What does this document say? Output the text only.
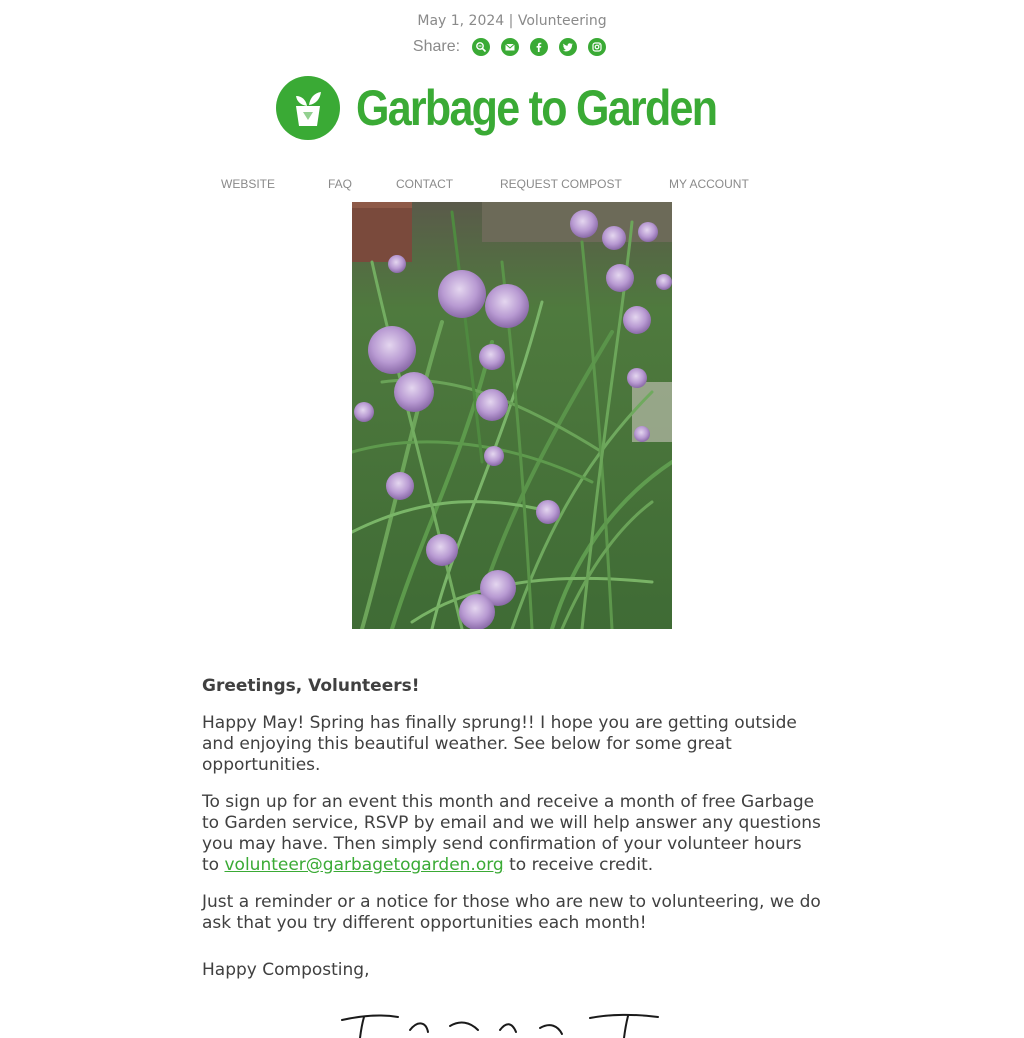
May 1, 2024 | Volunteering
Share:
Garbage to Garden
WEBSITE	FAQ	CONTACT	REQUEST COMPOST	MY ACCOUNT

Greetings, Volunteers!

Happy May! Spring has finally sprung!! I hope you are getting outside and enjoying this beautiful weather. See below for some great opportunities.

To sign up for an event this month and receive a month of free Garbage to Garden service, RSVP by email and we will help answer any questions you may have. Then simply send confirmation of your volunteer hours to volunteer@garbagetogarden.org to receive credit.

Just a reminder or a notice for those who are new to volunteering, we do ask that you try different opportunities each month!

Happy Composting,
